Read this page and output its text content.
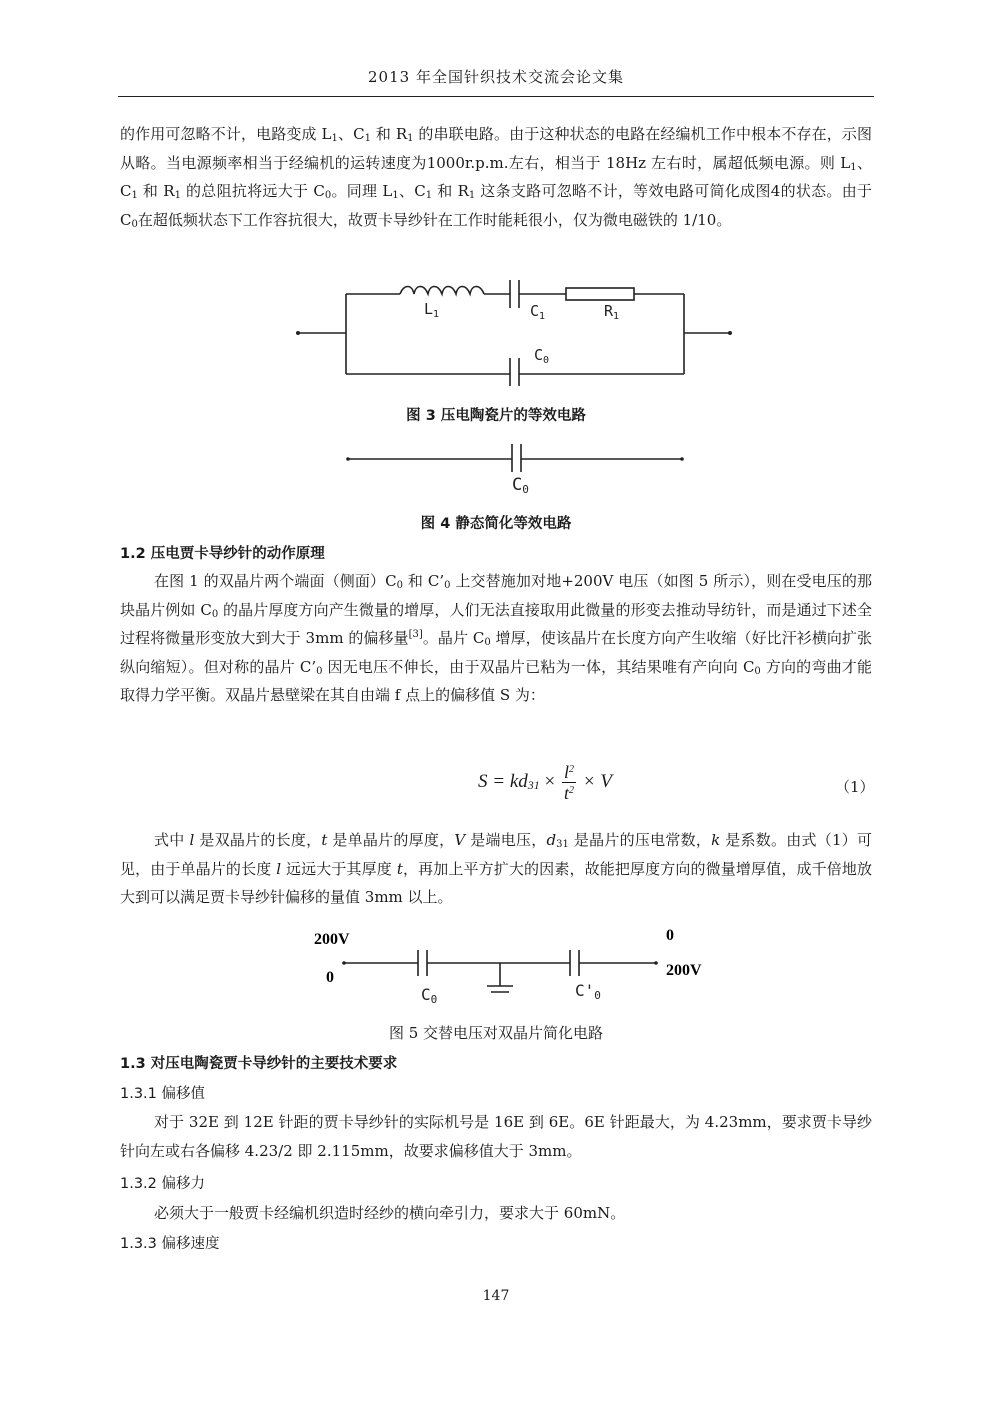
2013 年全国针织技术交流会论文集
的作用可忽略不计，电路变成 $L_1$、$C_1$ 和 $R_1$ 的串联电路。由于这种状态的电路在经编机工作中根本不存在，示图从略。当电源频率相当于经编机的运转速度为1000r.p.m.左右，相当于 18Hz 左右时，属超低频电源。则 $L_1$、$C_1$ 和 $R_1$ 的总阻抗将远大于 $C_0$。同理 $L_1$、$C_1$ 和 $R_1$ 这条支路可忽略不计，等效电路可简化成图4的状态。由于$C_0$在超低频状态下工作容抗很大，故贾卡导纱针在工作时能耗很小，仅为微电磁铁的 1/10。
$L_1$	$C_1$	$R_1$
$C_0$
图 3 压电陶瓷片的等效电路
C0
图 4 静态简化等效电路
1.2 压电贾卡导纱针的动作原理
在图 1 的双晶片两个端面（侧面）$C_0$ 和 $C’_0$ 上交替施加对地+200V 电压（如图 5 所示），则在受电压的那块晶片例如 $C_0$ 的晶片厚度方向产生微量的增厚，人们无法直接取用此微量的形变去推动导纺针，而是通过下述全过程将微量形变放大到大于 3mm 的偏移量[3]。晶片 $C_0$ 增厚，使该晶片在长度方向产生收缩（好比汗衫横向扩张纵向缩短）。但对称的晶片 $C’_0$ 因无电压不伸长，由于双晶片已粘为一体，其结果唯有产向向 $C_0$ 方向的弯曲才能取得力学平衡。双晶片悬壁梁在其自由端 f 点上的偏移值 S 为：
$S = kd_{31} \times \frac{l^2}{t^2} \times V$	（1）
式中 l 是双晶片的长度，t 是单晶片的厚度，V 是端电压，$d_{31}$ 是晶片的压电常数，k 是系数。由式（1）可见，由于单晶片的长度 l 远远大于其厚度 t，再加上平方扩大的因素，故能把厚度方向的微量增厚值，成千倍地放大到可以满足贾卡导纱针偏移的量值 3mm 以上。
200V
0
0
200V
C0	C'0
图 5 交替电压对双晶片简化电路
1.3 对压电陶瓷贾卡导纱针的主要技术要求
1.3.1 偏移值
对于 32E 到 12E 针距的贾卡导纱针的实际机号是 16E 到 6E。6E 针距最大，为 4.23mm，要求贾卡导纱针向左或右各偏移 4.23/2 即 2.115mm，故要求偏移值大于 3mm。
1.3.2 偏移力
必须大于一般贾卡经编机织造时经纱的横向牵引力，要求大于 60mN。
1.3.3 偏移速度
147
